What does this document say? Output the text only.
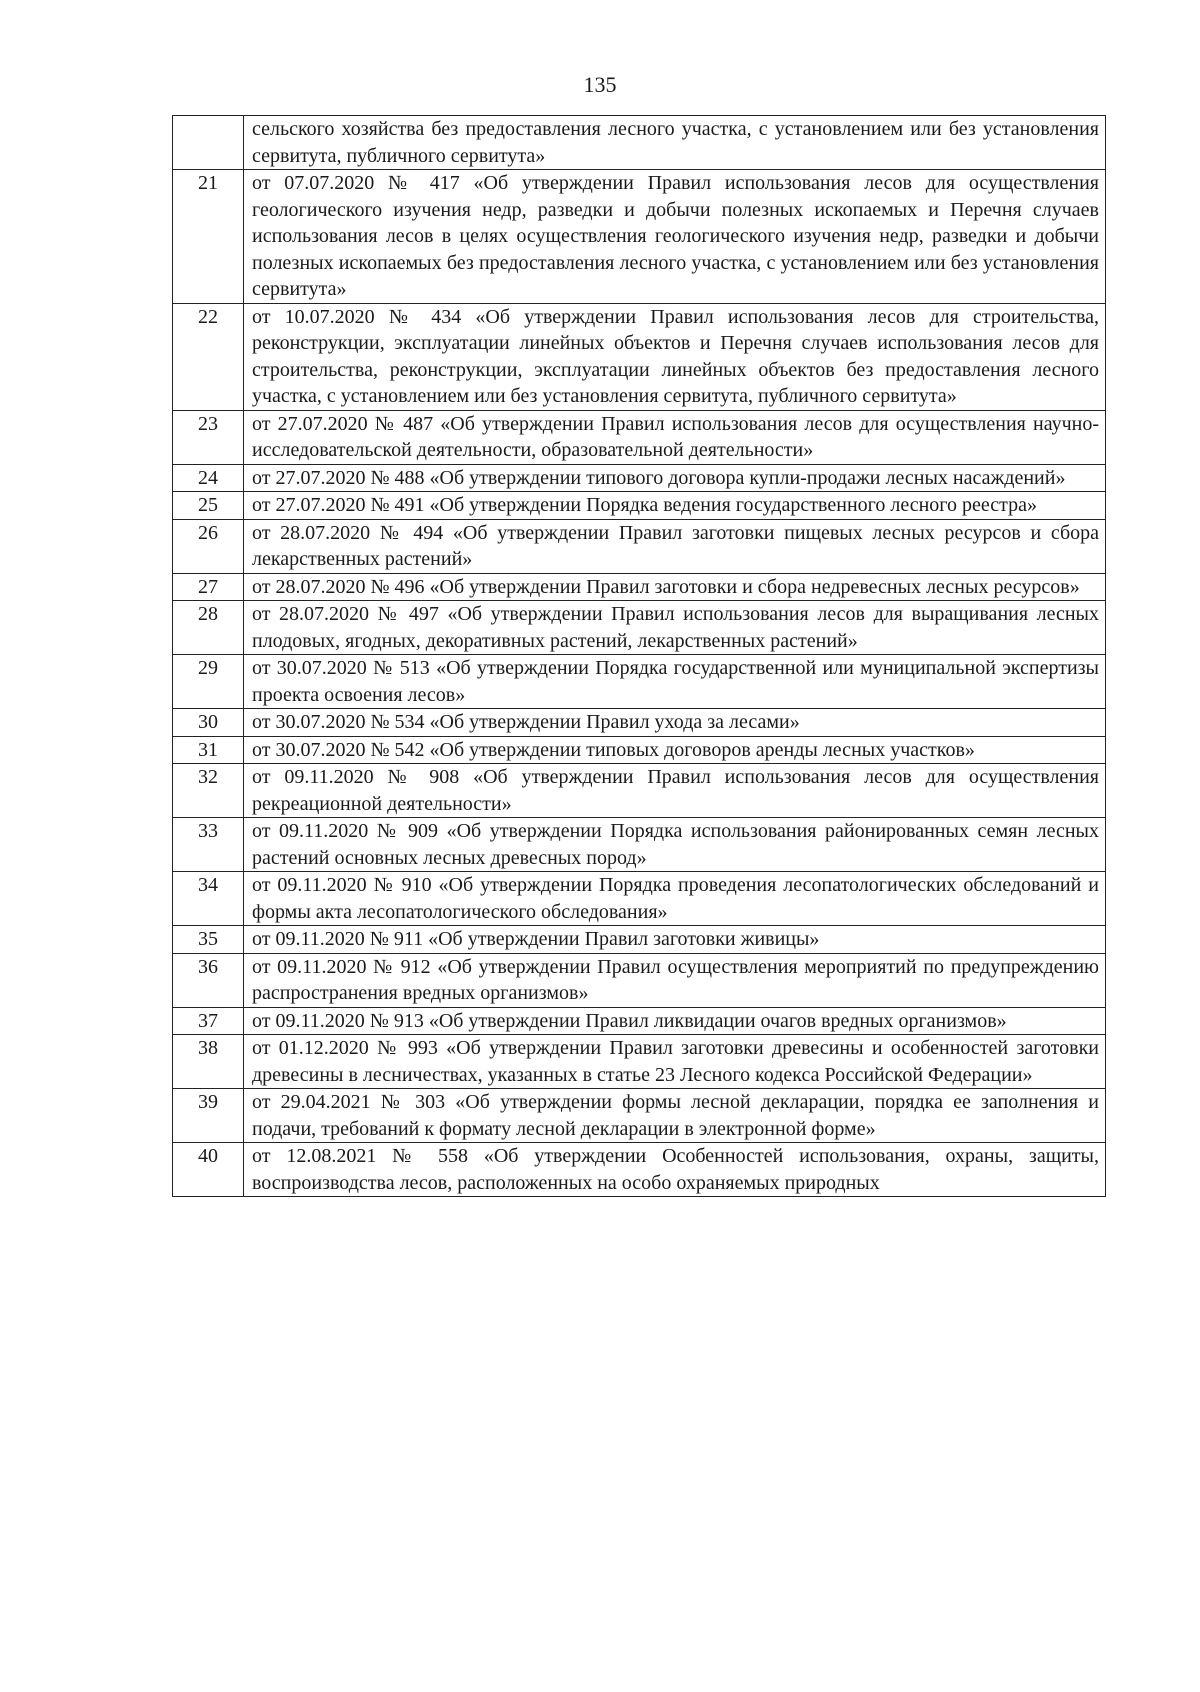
135
	сельского хозяйства без предоставления лесного участка, с установлением или без установления сервитута, публичного сервитута»
21	от 07.07.2020 № 417 «Об утверждении Правил использования лесов для осуществления геологического изучения недр, разведки и добычи полезных ископаемых и Перечня случаев использования лесов в целях осуществления геологического изучения недр, разведки и добычи полезных ископаемых без предоставления лесного участка, с установлением или без установления сервитута»
22	от 10.07.2020 № 434 «Об утверждении Правил использования лесов для строительства, реконструкции, эксплуатации линейных объектов и Перечня случаев использования лесов для строительства, реконструкции, эксплуатации линейных объектов без предоставления лесного участка, с установлением или без установления сервитута, публичного сервитута»
23	от 27.07.2020 № 487 «Об утверждении Правил использования лесов для осуществления научно-исследовательской деятельности, образовательной деятельности»
24	от 27.07.2020 № 488 «Об утверждении типового договора купли-продажи лесных насаждений»
25	от 27.07.2020 № 491 «Об утверждении Порядка ведения государственного лесного реестра»
26	от 28.07.2020 № 494 «Об утверждении Правил заготовки пищевых лесных ресурсов и сбора лекарственных растений»
27	от 28.07.2020 № 496 «Об утверждении Правил заготовки и сбора недревесных лесных ресурсов»
28	от 28.07.2020 № 497 «Об утверждении Правил использования лесов для выращивания лесных плодовых, ягодных, декоративных растений, лекарственных растений»
29	от 30.07.2020 № 513 «Об утверждении Порядка государственной или муниципальной экспертизы проекта освоения лесов»
30	от 30.07.2020 № 534 «Об утверждении Правил ухода за лесами»
31	от 30.07.2020 № 542 «Об утверждении типовых договоров аренды лесных участков»
32	от 09.11.2020 № 908 «Об утверждении Правил использования лесов для осуществления рекреационной деятельности»
33	от 09.11.2020 № 909 «Об утверждении Порядка использования районированных семян лесных растений основных лесных древесных пород»
34	от 09.11.2020 № 910 «Об утверждении Порядка проведения лесопатологических обследований и формы акта лесопатологического обследования»
35	от 09.11.2020 № 911 «Об утверждении Правил заготовки живицы»
36	от 09.11.2020 № 912 «Об утверждении Правил осуществления мероприятий по предупреждению распространения вредных организмов»
37	от 09.11.2020 № 913 «Об утверждении Правил ликвидации очагов вредных организмов»
38	от 01.12.2020 № 993 «Об утверждении Правил заготовки древесины и особенностей заготовки древесины в лесничествах, указанных в статье 23 Лесного кодекса Российской Федерации»
39	от 29.04.2021 № 303 «Об утверждении формы лесной декларации, порядка ее заполнения и подачи, требований к формату лесной декларации в электронной форме»
40	от 12.08.2021 № 558 «Об утверждении Особенностей использования, охраны, защиты, воспроизводства лесов, расположенных на особо охраняемых природных
